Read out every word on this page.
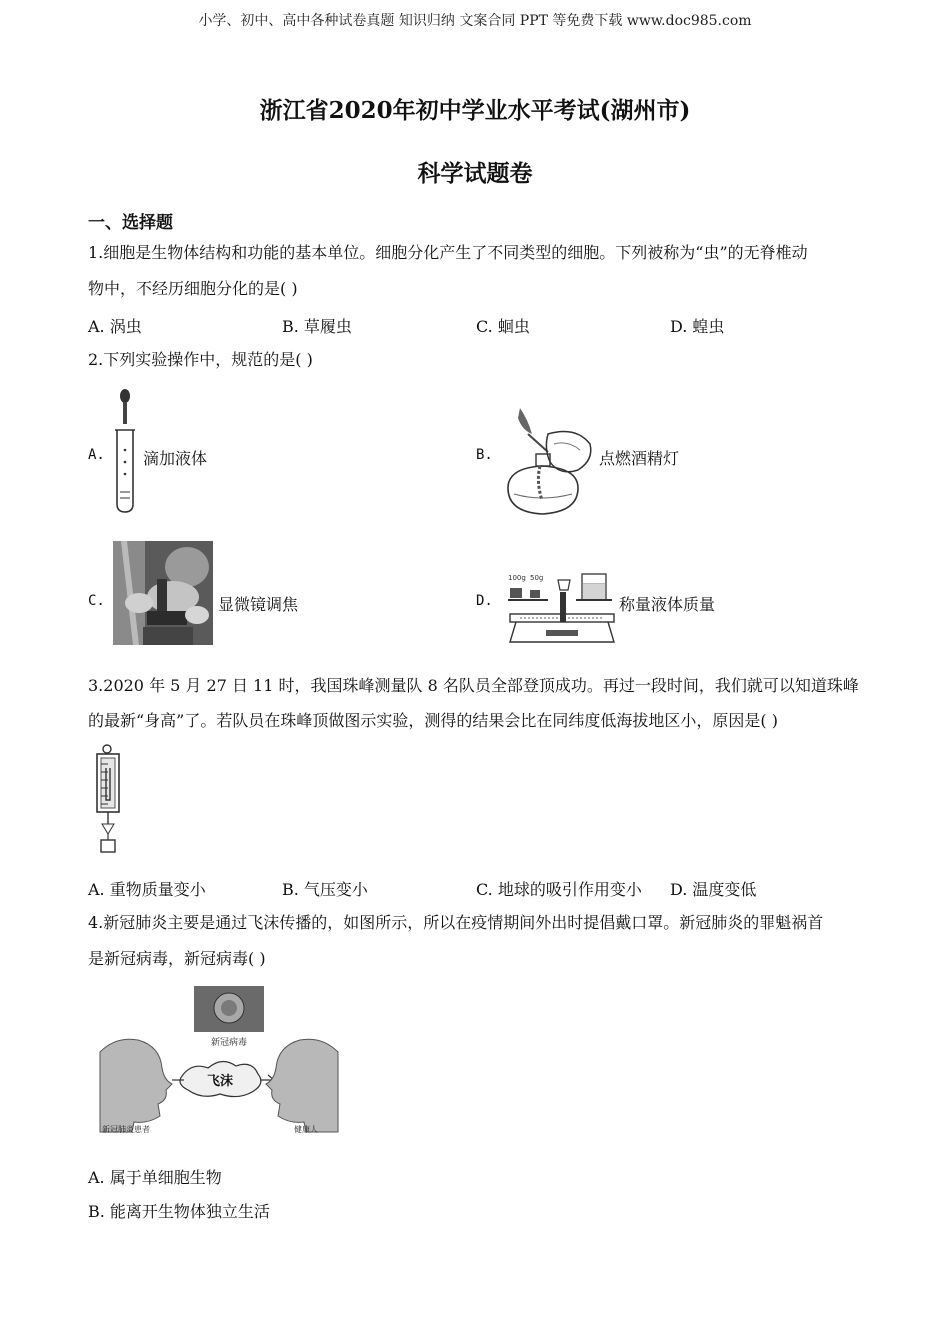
小学、初中、高中各种试卷真题 知识归纳 文案合同 PPT 等免费下载 www.doc985.com
浙江省2020年初中学业水平考试(湖州市)
科学试题卷
一、选择题
1.细胞是生物体结构和功能的基本单位。细胞分化产生了不同类型的细胞。下列被称为“虫”的无脊椎动
物中，不经历细胞分化的是( )
A. 涡虫	B. 草履虫	C. 蛔虫	D. 蝗虫
2.下列实验操作中，规范的是( )
A. 滴加液体	B.	点燃酒精灯
C.	显微镜调焦	D.
100g 50g
称量液体质量
3.2020 年 5 月 27 日 11 时，我国珠峰测量队 8 名队员全部登顶成功。再过一段时间，我们就可以知道珠峰
的最新“身高”了。若队员在珠峰顶做图示实验，测得的结果会比在同纬度低海拔地区小，原因是( )
A. 重物质量变小	B. 气压变小	C. 地球的吸引作用变小 D. 温度变低
4.新冠肺炎主要是通过飞沫传播的，如图所示，所以在疫情期间外出时提倡戴口罩。新冠肺炎的罪魁祸首
是新冠病毒，新冠病毒( )
新冠病毒
新冠肺炎患者
飞沫
健康人
A. 属于单细胞生物
B. 能离开生物体独立生活
